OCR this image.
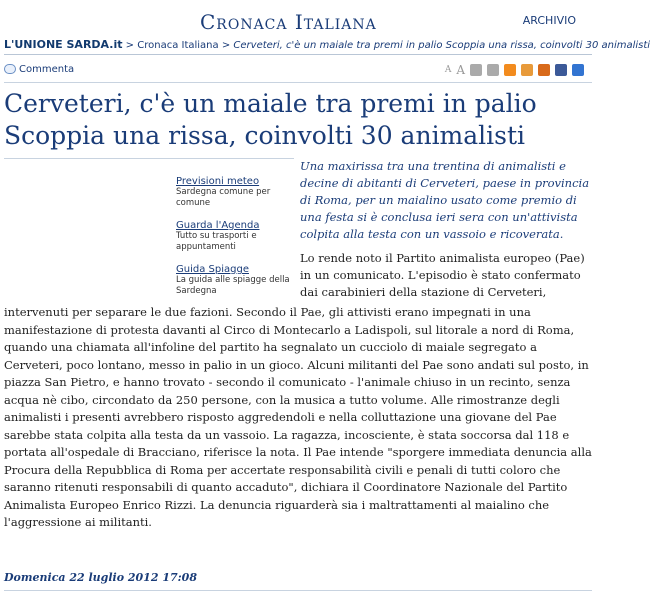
Cronaca Italiana	ARCHIVIO
L'UNIONE SARDA.it > Cronaca Italiana > Cerveteri, c'è un maiale tra premi in palio Scoppia una rissa, coinvolti 30 animalisti
Commenta	A A
Cerveteri, c'è un maiale tra premi in palio
Scoppia una rissa, coinvolti 30 animalisti
Previsioni meteo
Sardegna comune per comune
Guarda l'Agenda
Tutto su trasporti e appuntamenti
Guida Spiagge
La guida alle spiagge della Sardegna
Una maxirissa tra una trentina di animalisti e decine di abitanti di Cerveteri, paese in provincia di Roma, per un maialino usato come premio di una festa si è conclusa ieri sera con un'attivista colpita alla testa con un vassoio e ricoverata.
Lo rende noto il Partito animalista europeo (Pae) in un comunicato. L'episodio è stato confermato dai carabinieri della stazione di Cerveteri,

intervenuti per separare le due fazioni. Secondo il Pae, gli attivisti erano impegnati in una manifestazione di protesta davanti al Circo di Montecarlo a Ladispoli, sul litorale a nord di Roma, quando una chiamata all'infoline del partito ha segnalato un cucciolo di maiale segregato a Cerveteri, poco lontano, messo in palio in un gioco. Alcuni militanti del Pae sono andati sul posto, in piazza San Pietro, e hanno trovato - secondo il comunicato - l'animale chiuso in un recinto, senza acqua nè cibo, circondato da 250 persone, con la musica a tutto volume. Alle rimostranze degli animalisti i presenti avrebbero risposto aggredendoli e nella colluttazione una giovane del Pae sarebbe stata colpita alla testa da un vassoio. La ragazza, incosciente, è stata soccorsa dal 118 e portata all'ospedale di Bracciano, riferisce la nota. Il Pae intende "sporgere immediata denuncia alla Procura della Repubblica di Roma per accertate responsabilità civili e penali di tutti coloro che saranno ritenuti responsabili di quanto accaduto", dichiara il Coordinatore Nazionale del Partito Animalista Europeo Enrico Rizzi. La denuncia riguarderà sia i maltrattamenti al maialino che l'aggressione ai militanti.

Domenica 22 luglio 2012 17:08
